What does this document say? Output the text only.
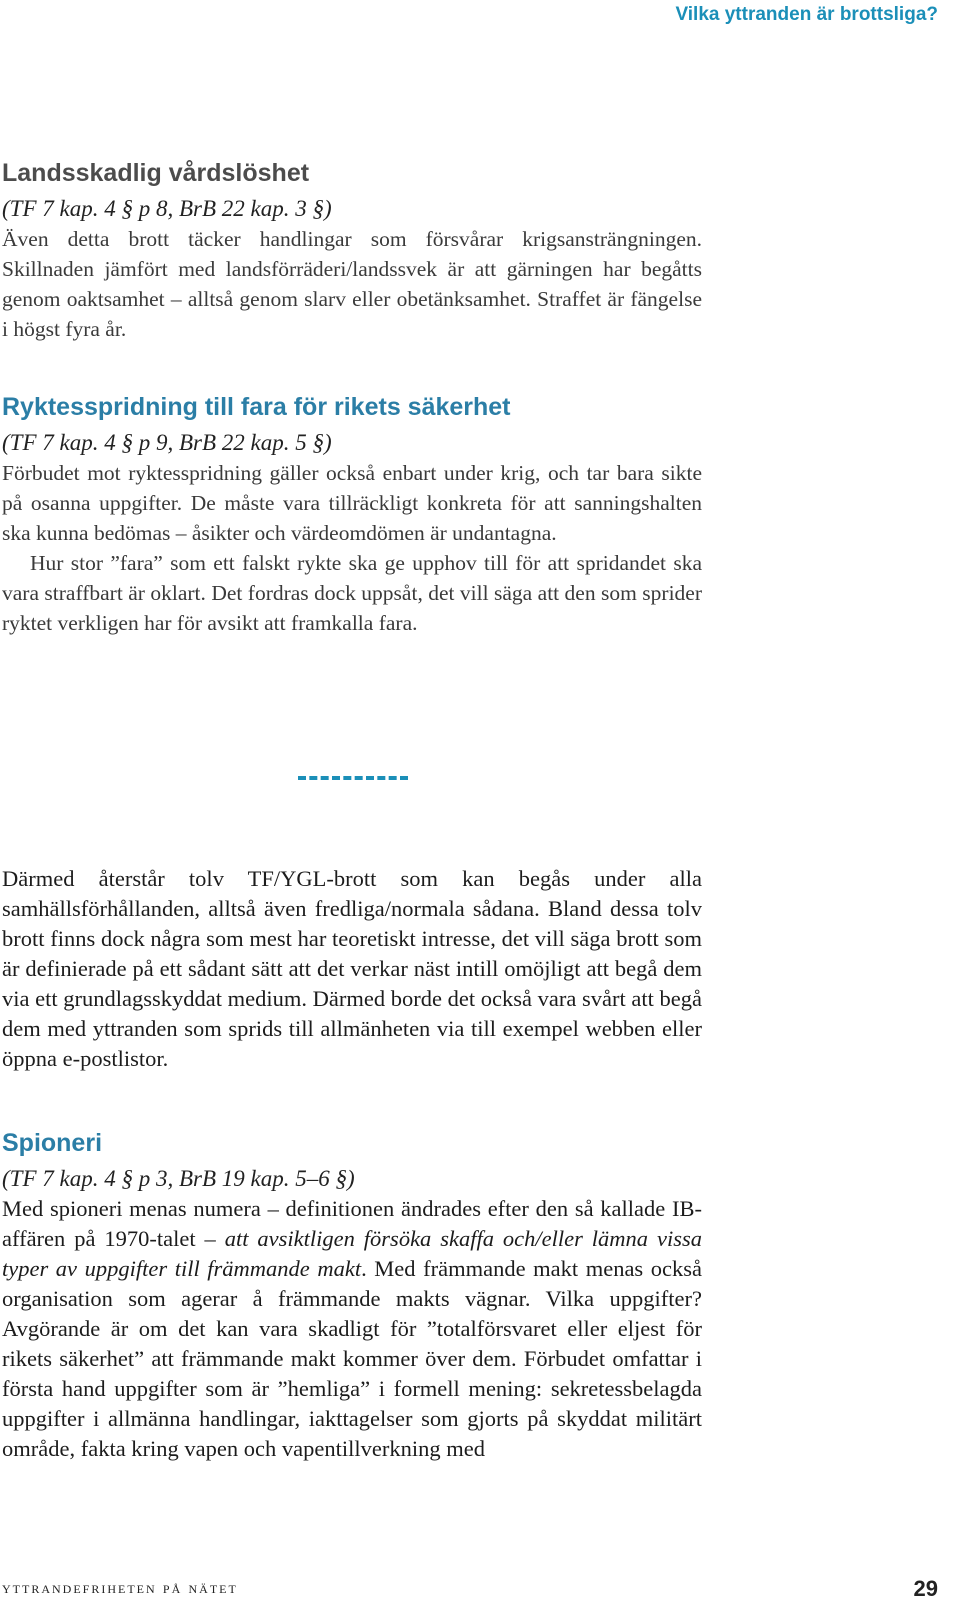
Vilka yttranden är brottsliga?
Landsskadlig vårdslöshet

(TF 7 kap. 4 § p 8, BrB 22 kap. 3 §)

Även detta brott täcker handlingar som försvårar krigsansträngningen. Skillnaden jämfört med landsförräderi/landssvek är att gärningen har begåtts genom oaktsamhet – alltså genom slarv eller obetänksamhet. Straffet är fängelse i högst fyra år.

Ryktesspridning till fara för rikets säkerhet

(TF 7 kap. 4 § p 9, BrB 22 kap. 5 §)

Förbudet mot ryktesspridning gäller också enbart under krig, och tar bara sikte på osanna uppgifter. De måste vara tillräckligt konkreta för att sanningshalten ska kunna bedömas – åsikter och värdeomdömen är undantagna.

Hur stor ”fara” som ett falskt rykte ska ge upphov till för att spridandet ska vara straffbart är oklart. Det fordras dock uppsåt, det vill säga att den som sprider ryktet verkligen har för avsikt att framkalla fara.

Därmed återstår tolv TF/YGL-brott som kan begås under alla samhällsförhållanden, alltså även fredliga/normala sådana. Bland dessa tolv brott finns dock några som mest har teoretiskt intresse, det vill säga brott som är definierade på ett sådant sätt att det verkar näst intill omöjligt att begå dem via ett grundlagsskyddat medium. Därmed borde det också vara svårt att begå dem med yttranden som sprids till allmänheten via till exempel webben eller öppna e-postlistor.

Spioneri

(TF 7 kap. 4 § p 3, BrB 19 kap. 5–6 §)

Med spioneri menas numera – definitionen ändrades efter den så kallade IB-affären på 1970-talet – att avsiktligen försöka skaffa och/eller lämna vissa typer av uppgifter till främmande makt. Med främmande makt menas också organisation som agerar å främmande makts vägnar. Vilka uppgifter? Avgörande är om det kan vara skadligt för ”totalförsvaret eller eljest för rikets säkerhet” att främmande makt kommer över dem. Förbudet omfattar i första hand uppgifter som är ”hemliga” i formell mening: sekretessbelagda uppgifter i allmänna handlingar, iakttagelser som gjorts på skyddat militärt område, fakta kring vapen och vapentillverkning med

yttrandefriheten på nätet	29
